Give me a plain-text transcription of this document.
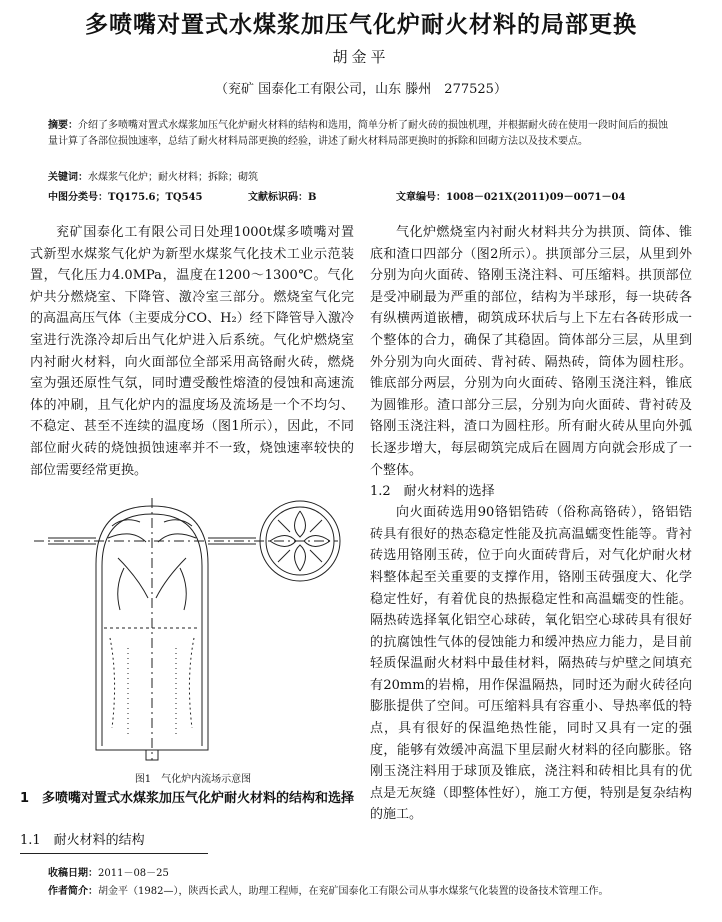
多喷嘴对置式水煤浆加压气化炉耐火材料的局部更换
胡金平
（兖矿 国泰化工有限公司，山东 滕州　277525）
摘要：介绍了多喷嘴对置式水煤浆加压气化炉耐火材料的结构和选用，简单分析了耐火砖的损蚀机理，并根据耐火砖在使用一段时间后的损蚀量计算了各部位损蚀速率，总结了耐火材料局部更换的经验，讲述了耐火材料局部更换时的拆除和回砌方法以及技术要点。
关键词：水煤浆气化炉；耐火材料；拆除；砌筑
中图分类号：TQ175.6；TQ545	文献标识码：B	文章编号：1008－021X(2011)09－0071－04

兖矿国泰化工有限公司日处理1000t煤多喷嘴对置式新型水煤浆气化炉为新型水煤浆气化技术工业示范装置，气化压力4.0MPa，温度在1200～1300℃。气化炉共分燃烧室、下降管、激冷室三部分。燃烧室气化完的高温高压气体（主要成分CO、H₂）经下降管导入激冷室进行洗涤冷却后出气化炉进入后系统。气化炉燃烧室内衬耐火材料，向火面部位全部采用高铬耐火砖，燃烧室为强还原性气氛，同时遭受酸性熔渣的侵蚀和高速流体的冲刷，且气化炉内的温度场及流场是一个不均匀、不稳定、甚至不连续的温度场（图1所示），因此，不同部位耐火砖的烧蚀损蚀速率并不一致，烧蚀速率较快的部位需要经常更换。

图1　气化炉内流场示意图
1　多喷嘴对置式水煤浆加压气化炉耐火材料的结构和选择
1.1　耐火材料的结构

气化炉燃烧室内衬耐火材料共分为拱顶、筒体、锥底和渣口四部分（图2所示）。拱顶部分三层，从里到外分别为向火面砖、铬刚玉浇注料、可压缩料。拱顶部位是受冲刷最为严重的部位，结构为半球形，每一块砖各有纵横两道嵌槽，砌筑成环状后与上下左右各砖形成一个整体的合力，确保了其稳固。筒体部分三层，从里到外分别为向火面砖、背衬砖、隔热砖，筒体为圆柱形。锥底部分两层，分别为向火面砖、铬刚玉浇注料，锥底为圆锥形。渣口部分三层，分别为向火面砖、背衬砖及铬刚玉浇注料，渣口为圆柱形。所有耐火砖从里向外弧长逐步增大，每层砌筑完成后在圆周方向就会形成了一个整体。

1.2　耐火材料的选择

向火面砖选用90铬铝锆砖（俗称高铬砖），铬铝锆砖具有很好的热态稳定性能及抗高温蠕变性能等。背衬砖选用铬刚玉砖，位于向火面砖背后，对气化炉耐火材料整体起至关重要的支撑作用，铬刚玉砖强度大、化学稳定性好，有着优良的热振稳定性和高温蠕变的性能。隔热砖选择氧化铝空心球砖，氧化铝空心球砖具有很好的抗腐蚀性气体的侵蚀能力和缓冲热应力能力，是目前轻质保温耐火材料中最佳材料，隔热砖与炉壁之间填充有20mm的岩棉，用作保温隔热，同时还为耐火砖径向膨胀提供了空间。可压缩料具有容重小、导热率低的特点，具有很好的保温绝热性能，同时又具有一定的强度，能够有效缓冲高温下里层耐火材料的径向膨胀。铬刚玉浇注料用于球顶及锥底，浇注料和砖相比具有的优点是无灰缝（即整体性好），施工方便，特别是复杂结构的施工。

收稿日期：2011－08－25
作者简介：胡金平（1982—），陕西长武人，助理工程师，在兖矿国泰化工有限公司从事水煤浆气化装置的设备技术管理工作。
